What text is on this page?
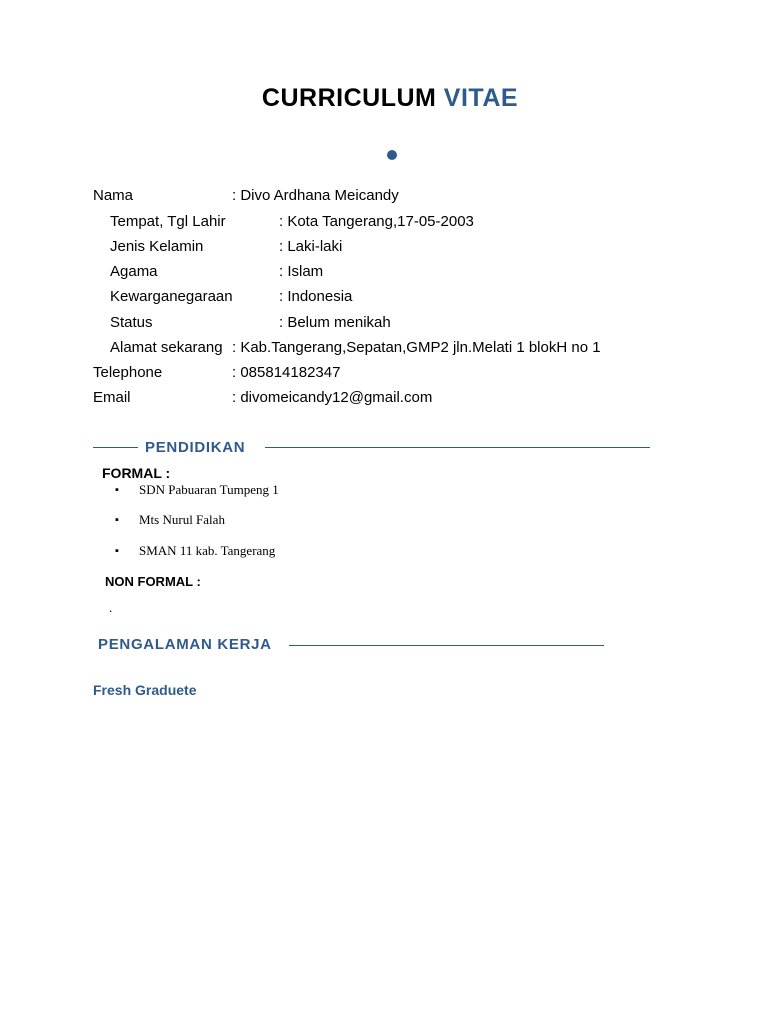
CURRICULUM VITAE
Nama	: Divo Ardhana Meicandy
Tempat, Tgl Lahir	: Kota Tangerang,17-05-2003
Jenis Kelamin	: Laki-laki
Agama	: Islam
Kewarganegaraan	: Indonesia
Status	: Belum menikah
Alamat sekarang : Kab.Tangerang,Sepatan,GMP2 jln.Melati 1 blokH no 1
Telephone	: 085814182347
Email	: divomeicandy12@gmail.com
PENDIDIKAN
FORMAL :
▪ SDN Pabuaran Tumpeng 1
▪ Mts Nurul Falah
▪ SMAN 11 kab. Tangerang
NON FORMAL :
.
PENGALAMAN KERJA
Fresh Graduete
